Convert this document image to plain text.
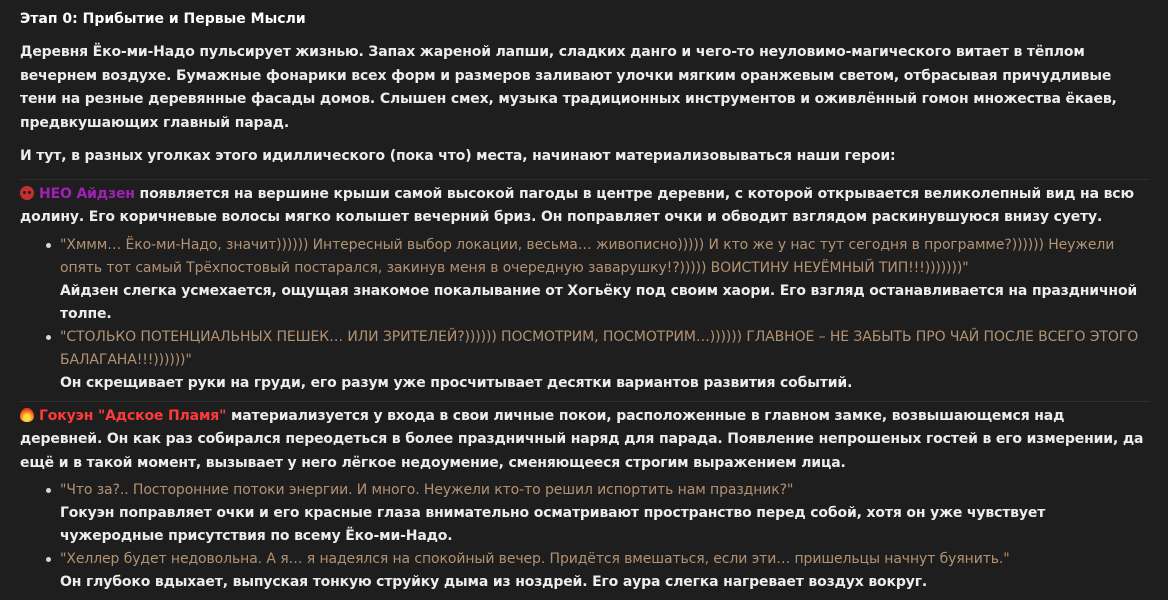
Этап 0: Прибытие и Первые Мысли

Деревня Ёко-ми-Надо пульсирует жизнью. Запах жареной лапши, сладких данго и чего-то неуловимо-магического витает в тёплом вечернем воздухе. Бумажные фонарики всех форм и размеров заливают улочки мягким оранжевым светом, отбрасывая причудливые тени на резные деревянные фасады домов. Слышен смех, музыка традиционных инструментов и оживлённый гомон множества ёкаев, предвкушающих главный парад.

И тут, в разных уголках этого идиллического (пока что) места, начинают материализовываться наши герои:

НЕО Айдзен появляется на вершине крыши самой высокой пагоды в центре деревни, с которой открывается великолепный вид на всю долину. Его коричневые волосы мягко колышет вечерний бриз. Он поправляет очки и обводит взглядом раскинувшуюся внизу суету.

"Хммм… Ёко-ми-Надо, значит)))))) Интересный выбор локации, весьма… живописно))))) И кто же у нас тут сегодня в программе?)))))) Неужели опять тот самый Трёхпостовый постарался, закинув меня в очередную заварушку!?))))) ВОИСТИНУ НЕУЁМНЫЙ ТИП!!!)))))))"
Айдзен слегка усмехается, ощущая знакомое покалывание от Хогьёку под своим хаори. Его взгляд останавливается на праздничной толпе.
"СТОЛЬКО ПОТЕНЦИАЛЬНЫХ ПЕШЕК… ИЛИ ЗРИТЕЛЕЙ?)))))) ПОСМОТРИМ, ПОСМОТРИМ…)))))) ГЛАВНОЕ – НЕ ЗАБЫТЬ ПРО ЧАЙ ПОСЛЕ ВСЕГО ЭТОГО БАЛАГАНА!!!))))))"
Он скрещивает руки на груди, его разум уже просчитывает десятки вариантов развития событий.

Гокуэн "Адское Пламя" материализуется у входа в свои личные покои, расположенные в главном замке, возвышающемся над деревней. Он как раз собирался переодеться в более праздничный наряд для парада. Появление непрошеных гостей в его измерении, да ещё и в такой момент, вызывает у него лёгкое недоумение, сменяющееся строгим выражением лица.

"Что за?.. Посторонние потоки энергии. И много. Неужели кто-то решил испортить нам праздник?"
Гокуэн поправляет очки и его красные глаза внимательно осматривают пространство перед собой, хотя он уже чувствует чужеродные присутствия по всему Ёко-ми-Надо.
"Хеллер будет недовольна. А я… я надеялся на спокойный вечер. Придётся вмешаться, если эти… пришельцы начнут буянить."
Он глубоко вдыхает, выпуская тонкую струйку дыма из ноздрей. Его аура слегка нагревает воздух вокруг.
